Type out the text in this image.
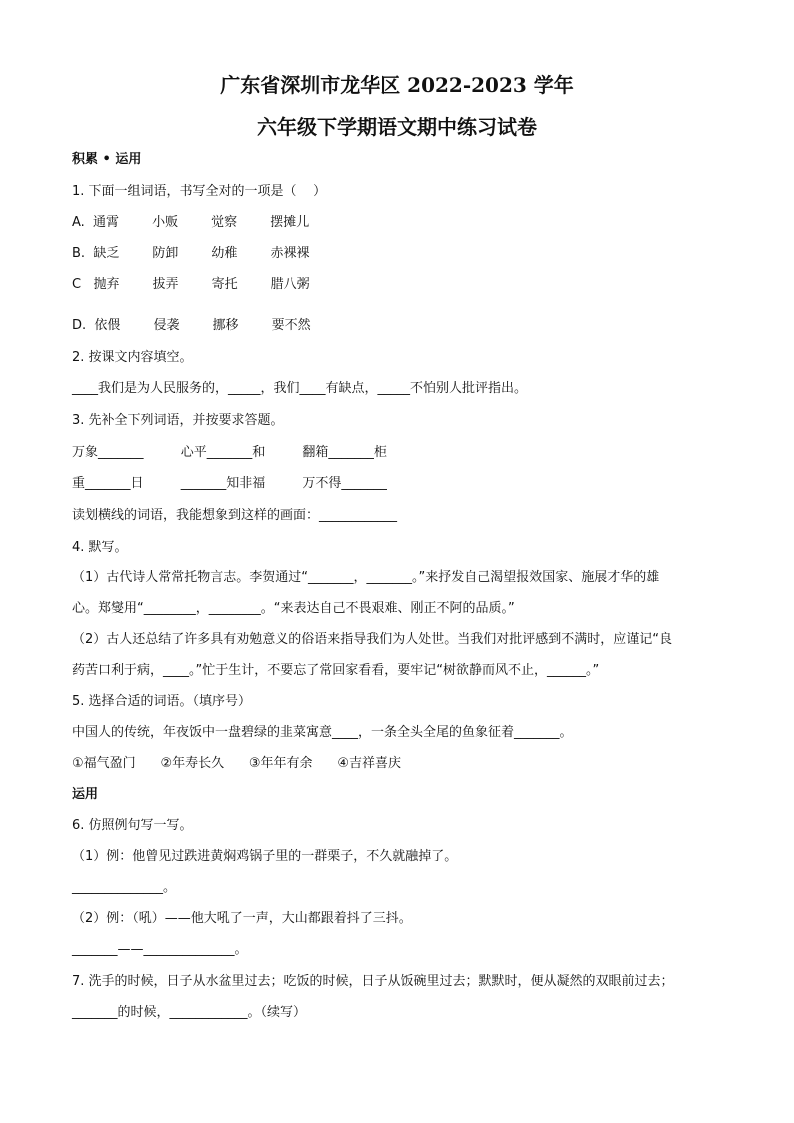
广东省深圳市龙华区 2022-2023 学年
六年级下学期语文期中练习试卷
积累 • 运用
1. 下面一组词语，书写全对的一项是（    ）
A.  通霄        小贩        觉察        摆摊儿
B.  缺乏        防卸        幼稚        赤裸裸
C   抛弃        拔弄        寄托        腊八粥
D.  依偎        侵袭        挪移        要不然
2. 按课文内容填空。
____我们是为人民服务的，_____，我们____有缺点，_____不怕别人批评指出。
3. 先补全下列词语，并按要求答题。
万象_______         心平_______和         翻箱_______柜
重_______日         _______知非福         万不得_______
读划横线的词语，我能想象到这样的画面：____________
4. 默写。
（1）古代诗人常常托物言志。李贺通过“_______，_______。”来抒发自己渴望报效国家、施展才华的雄
心。郑燮用“________，________。“来表达自己不畏艰难、刚正不阿的品质。”
（2）古人还总结了许多具有劝勉意义的俗语来指导我们为人处世。当我们对批评感到不满时，应谨记“良
药苦口利于病，____。”忙于生计，不要忘了常回家看看，要牢记“树欲静而风不止，______。”
5. 选择合适的词语。（填序号）
中国人的传统，年夜饭中一盘碧绿的韭菜寓意____，一条全头全尾的鱼象征着_______。
①福气盈门      ②年寿长久      ③年年有余      ④吉祥喜庆
运用
6. 仿照例句写一写。
（1）例：他曾见过跌进黄焖鸡锅子里的一群栗子，不久就融掉了。
______________。
（2）例：（吼）——他大吼了一声，大山都跟着抖了三抖。
_______——______________。
7. 洗手的时候，日子从水盆里过去；吃饭的时候，日子从饭碗里过去；默默时，便从凝然的双眼前过去；
_______的时候，____________。（续写）
